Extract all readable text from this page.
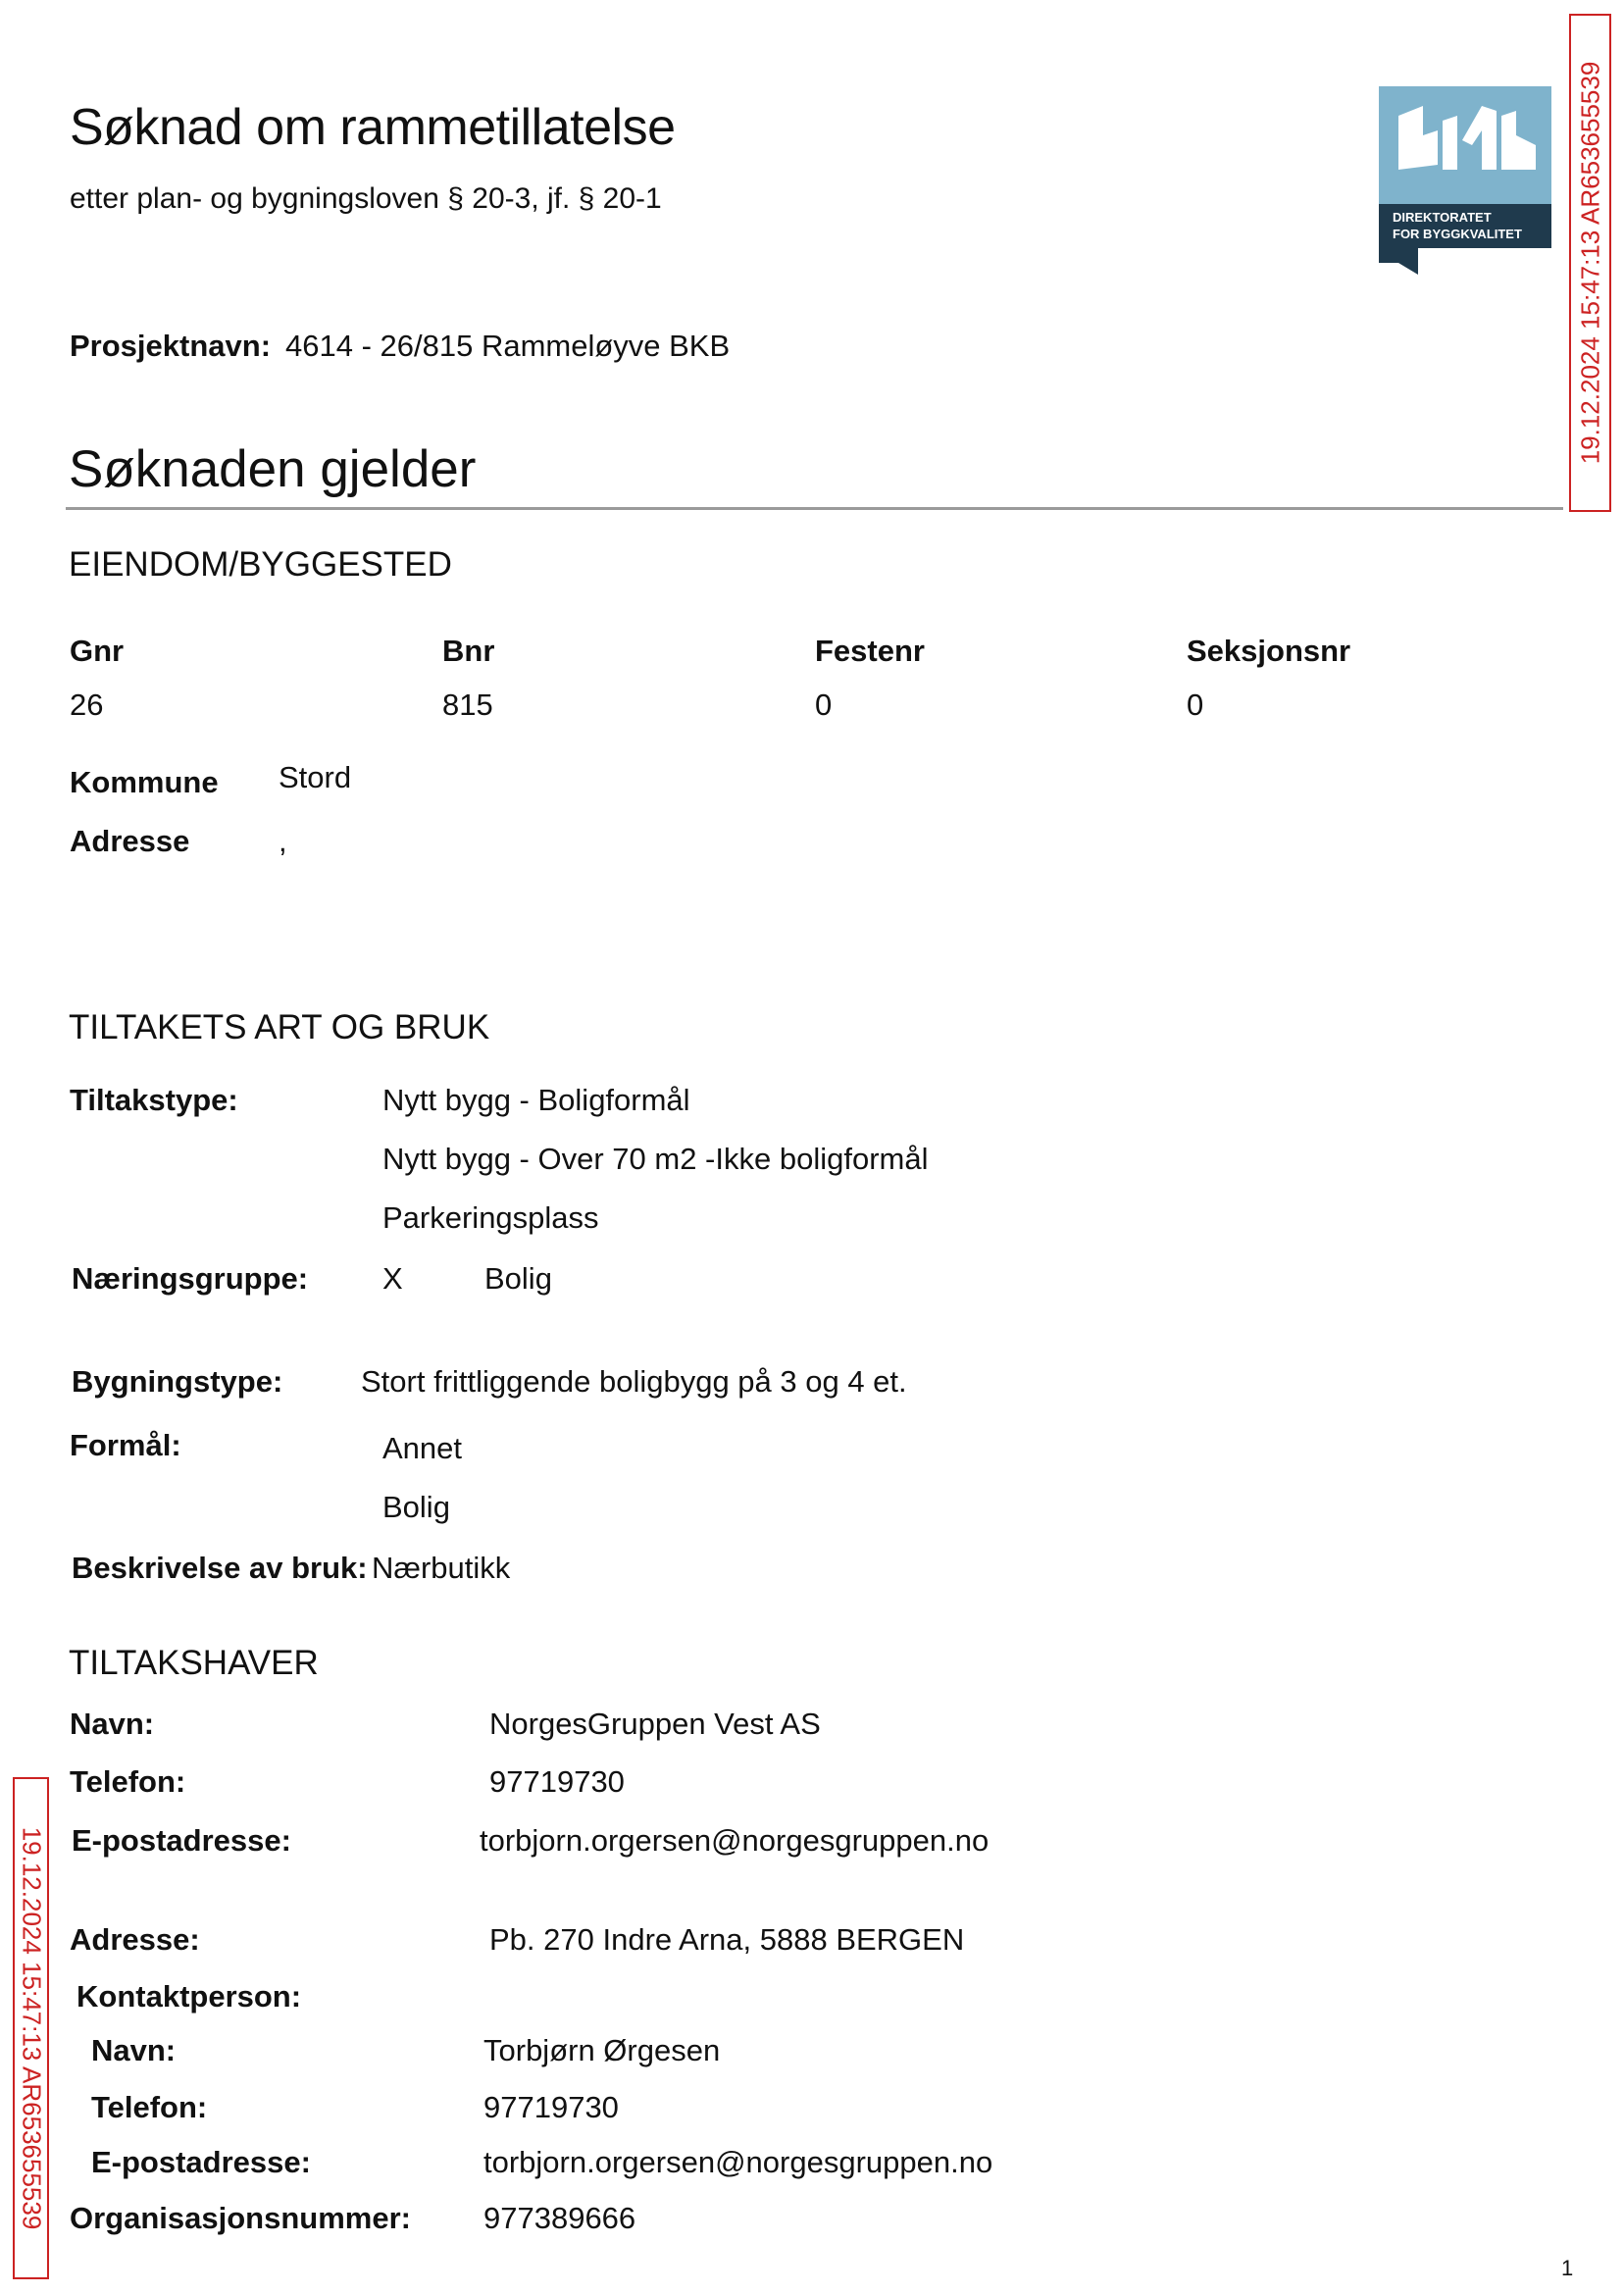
Søknad om rammetillatelse
etter plan- og bygningsloven § 20-3, jf. § 20-1
DIREKTORATET
FOR BYGGKVALITET 19.12.2024 15:47:13 AR653655539
19.12.2024 15:47:13 AR653655539
Prosjektnavn: 4614 - 26/815 Rammeløyve BKB
Søknaden gjelder
EIENDOM/BYGGESTED
Gnr	Bnr	Festenr	Seksjonsnr
26	815	0	0
Kommune Stord
Adresse	,
TILTAKETS ART OG BRUK
Tiltakstype:	Nytt bygg - Boligformål
Nytt bygg - Over 70 m2 -Ikke boligformål
Parkeringsplass
Næringsgruppe: X	Bolig
Bygningstype:	Stort frittliggende boligbygg på 3 og 4 et.
Formål:	Annet
Bolig
Beskrivelse av bruk: Nærbutikk
TILTAKSHAVER
Navn:	NorgesGruppen Vest AS
Telefon:	97719730
E-postadresse:	torbjorn.orgersen@norgesgruppen.no
Adresse:	Pb. 270 Indre Arna, 5888 BERGEN
Kontaktperson:
Navn:	Torbjørn Ørgesen
Telefon:	97719730
E-postadresse:	torbjorn.orgersen@norgesgruppen.no
Organisasjonsnummer: 977389666
1
